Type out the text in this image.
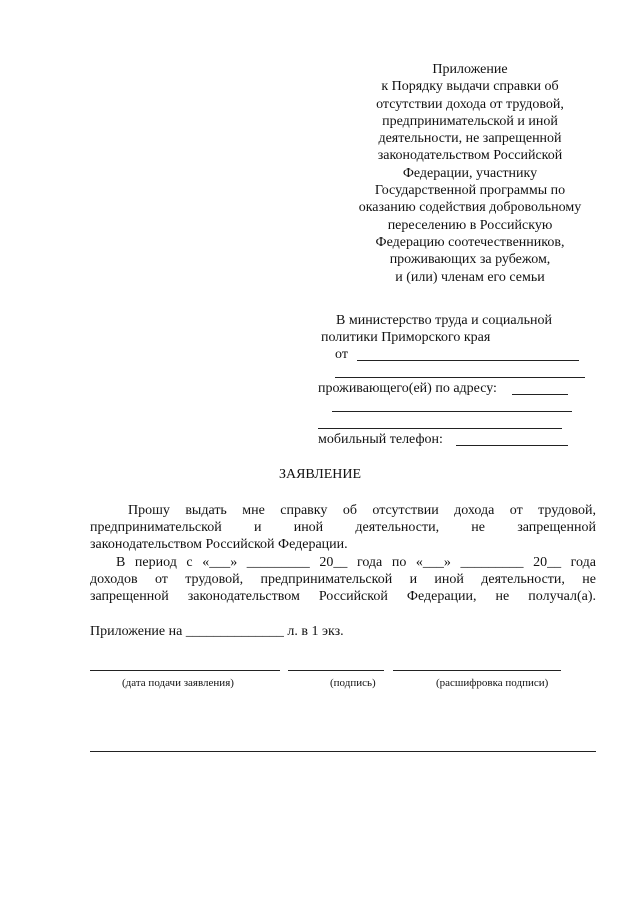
Приложение
к Порядку выдачи справки об
отсутствии дохода от трудовой,
предпринимательской и иной
деятельности, не запрещенной
законодательством Российской
Федерации, участнику
Государственной программы по
оказанию содействия добровольному
переселению в Российскую
Федерацию соотечественников,
проживающих за рубежом,
и (или) членам его семьи
В министерство труда и социальной
политики Приморского края
от
проживающего(ей) по адресу:
мобильный телефон:
ЗАЯВЛЕНИЕ
Прошу выдать мне справку об отсутствии дохода от трудовой,
предпринимательской и иной деятельности, не запрещенной
законодательством Российской Федерации.
В период с «___» _________ 20__ года по «___» _________ 20__ года
доходов от трудовой, предпринимательской и иной деятельности, не
запрещенной законодательством Российской Федерации, не получал(а).
Приложение на ______________ л. в 1 экз.
(дата подачи заявления)	(подпись)	(расшифровка подписи)
